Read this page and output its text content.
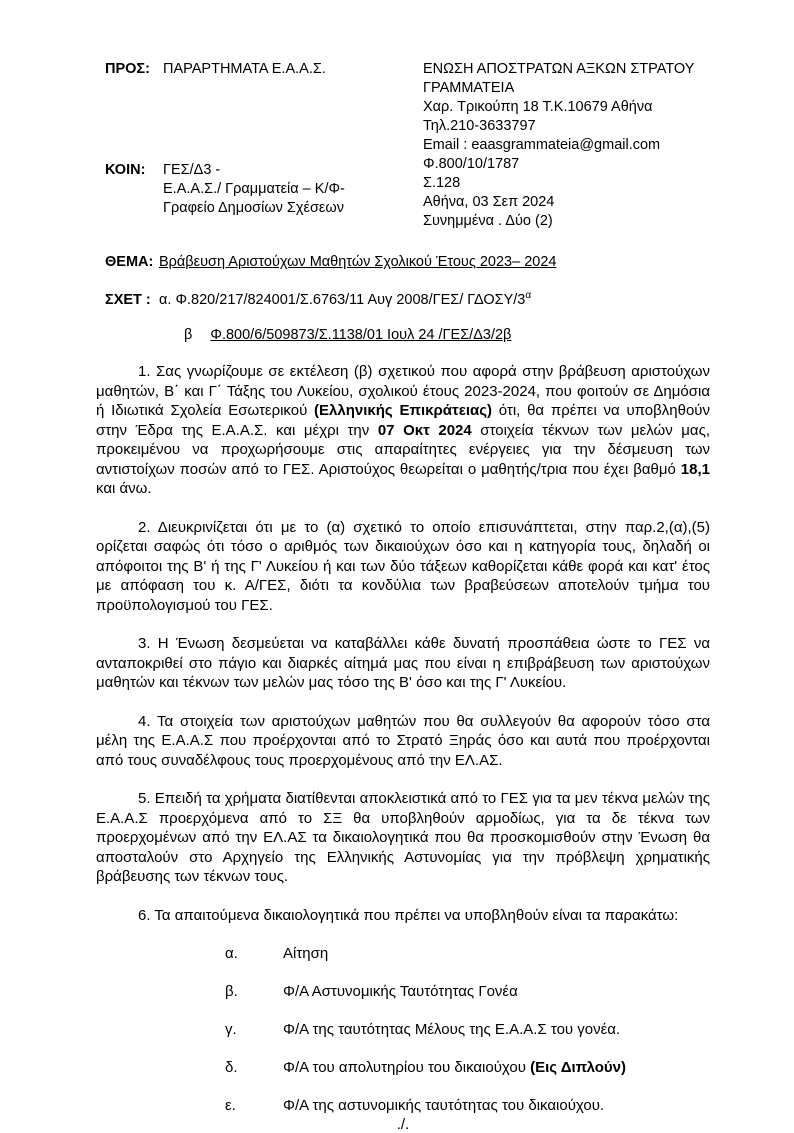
ΠΡΟΣ: ΠΑΡΑΡΤΗΜΑΤΑ Ε.Α.Α.Σ.
ΚΟΙΝ:	ΓΕΣ/Δ3 -
Ε.Α.Α.Σ./ Γραμματεία – Κ/Φ-
Γραφείο Δημοσίων Σχέσεων
ΕΝΩΣΗ ΑΠΟΣΤΡΑΤΩΝ ΑΞΚΩΝ ΣΤΡΑΤΟΥ
ΓΡΑΜΜΑΤΕΙΑ
Χαρ. Τρικούπη 18 Τ.Κ.10679 Αθήνα
Τηλ.210-3633797
Email : eaasgrammateia@gmail.com
Φ.800/10/1787
Σ.128
Αθήνα, 03 Σεπ 2024
Συνημμένα . Δύο (2)
ΘΕΜΑ: Βράβευση Αριστούχων Μαθητών Σχολικού Έτους 2023– 2024
ΣΧΕΤ : α. Φ.820/217/824001/Σ.6763/11 Αυγ 2008/ΓΕΣ/ ΓΔΟΣΥ/$3^\alpha$
β Φ.800/6/509873/Σ.1138/01 Ιουλ 24 /ΓΕΣ/Δ3/2β

1. Σας γνωρίζουμε σε εκτέλεση (β) σχετικού που αφορά στην βράβευση αριστούχων μαθητών, Β΄ και Γ΄ Τάξης του Λυκείου, σχολικού έτους 2023-2024, που φοιτούν σε Δημόσια ή Ιδιωτικά Σχολεία Εσωτερικού (Ελληνικής Επικράτειας) ότι, θα πρέπει να υποβληθούν στην Έδρα της Ε.Α.Α.Σ. και μέχρι την 07 Οκτ 2024 στοιχεία τέκνων των μελών μας, προκειμένου να προχωρήσουμε στις απαραίτητες ενέργειες για την δέσμευση των αντιστοίχων ποσών από το ΓΕΣ. Αριστούχος θεωρείται ο μαθητής/τρια που έχει βαθμό 18,1 και άνω.

2. Διευκρινίζεται ότι με το (α) σχετικό το οποίο επισυνάπτεται, στην παρ.2,(α),(5) ορίζεται σαφώς ότι τόσο ο αριθμός των δικαιούχων όσο και η κατηγορία τους, δηλαδή οι απόφοιτοι της Β' ή της Γ' Λυκείου ή και των δύο τάξεων καθορίζεται κάθε φορά και κατ' έτος με απόφαση του κ. Α/ΓΕΣ, διότι τα κονδύλια των βραβεύσεων αποτελούν τμήμα του προϋπολογισμού του ΓΕΣ.

3. Η Ένωση δεσμεύεται να καταβάλλει κάθε δυνατή προσπάθεια ώστε το ΓΕΣ να ανταποκριθεί στο πάγιο και διαρκές αίτημά μας που είναι η επιβράβευση των αριστούχων μαθητών και τέκνων των μελών μας τόσο της Β' όσο και της Γ' Λυκείου.

4. Τα στοιχεία των αριστούχων μαθητών που θα συλλεγούν θα αφορούν τόσο στα μέλη της Ε.Α.Α.Σ που προέρχονται από το Στρατό Ξηράς όσο και αυτά που προέρχονται από τους συναδέλφους τους προερχομένους από την ΕΛ.ΑΣ.

5. Επειδή τα χρήματα διατίθενται αποκλειστικά από το ΓΕΣ για τα μεν τέκνα μελών της Ε.Α.Α.Σ προερχόμενα από το ΣΞ θα υποβληθούν αρμοδίως, για τα δε τέκνα των προερχομένων από την ΕΛ.ΑΣ τα δικαιολογητικά που θα προσκομισθούν στην Ένωση θα αποσταλούν στο Αρχηγείο της Ελληνικής Αστυνομίας για την πρόβλεψη χρηματικής βράβευσης των τέκνων τους.

6. Τα απαιτούμενα δικαιολογητικά που πρέπει να υποβληθούν είναι τα παρακάτω:

α.	Αίτηση
β.	Φ/Α Αστυνομικής Ταυτότητας Γονέα
γ.	Φ/Α της ταυτότητας Μέλους της Ε.Α.Α.Σ του γονέα.
δ.	Φ/Α του απολυτηρίου του δικαιούχου (Εις Διπλούν)
ε.	Φ/Α της αστυνομικής ταυτότητας του δικαιούχου.
./.
